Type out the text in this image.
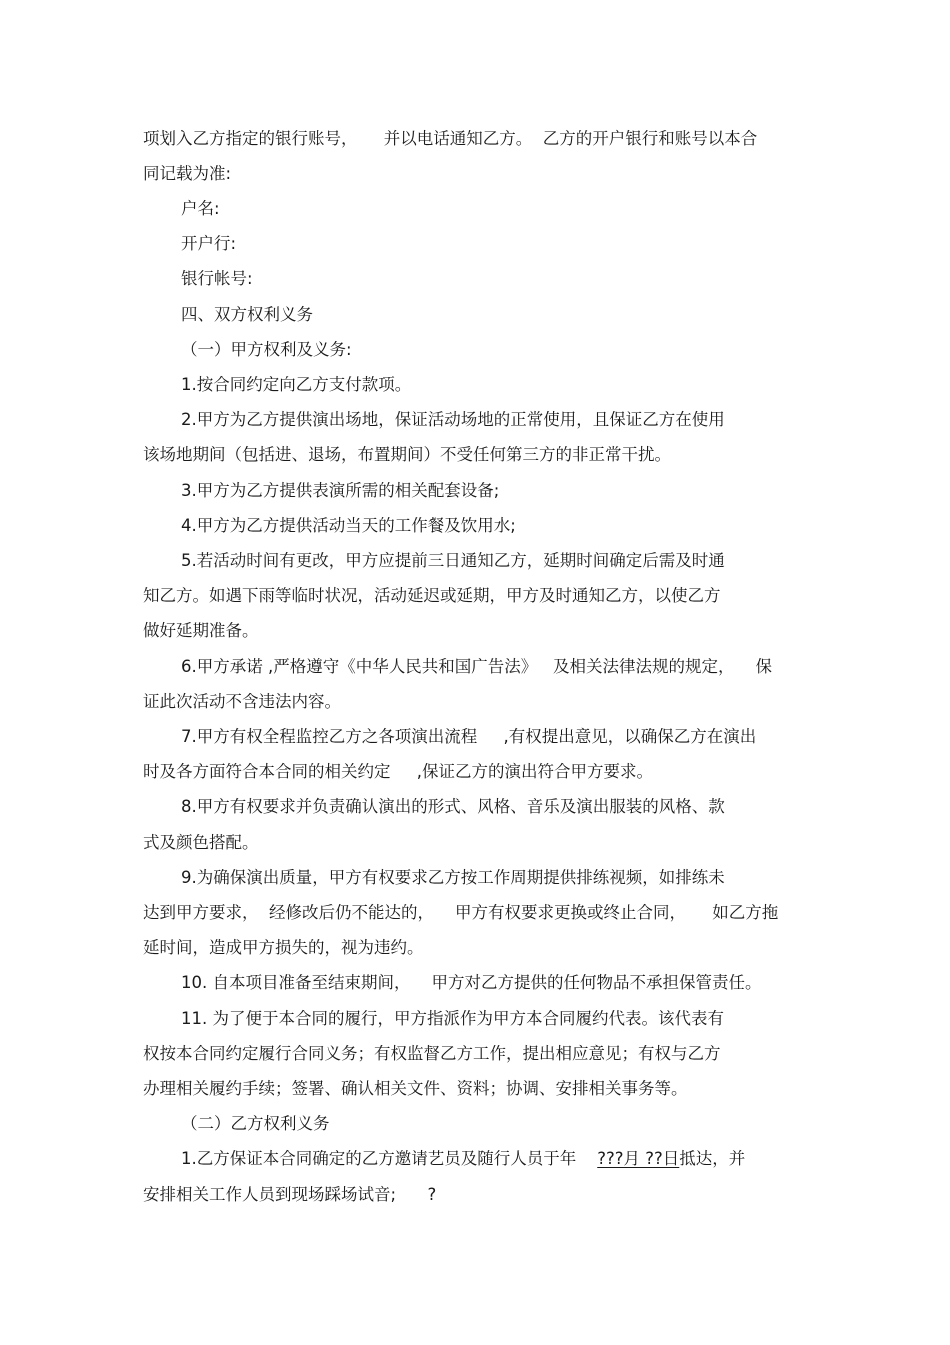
项划入乙方指定的银行账号，     并以电话通知乙方。  乙方的开户银行和账号以本合
同记载为准:
户名:
开户行:
银行帐号:
四、双方权利义务
（一）甲方权利及义务:
1.按合同约定向乙方支付款项。
2.甲方为乙方提供演出场地，保证活动场地的正常使用，且保证乙方在使用
该场地期间（包括进、退场，布置期间）不受任何第三方的非正常干扰。
3.甲方为乙方提供表演所需的相关配套设备;
4.甲方为乙方提供活动当天的工作餐及饮用水;
5.若活动时间有更改，甲方应提前三日通知乙方，延期时间确定后需及时通
知乙方。如遇下雨等临时状况，活动延迟或延期，甲方及时通知乙方，以使乙方
做好延期准备。
6.甲方承诺 ,严格遵守《中华人民共和国广告法》   及相关法律法规的规定，    保
证此次活动不含违法内容。
7.甲方有权全程监控乙方之各项演出流程     ,有权提出意见，以确保乙方在演出
时及各方面符合本合同的相关约定     ,保证乙方的演出符合甲方要求。
8.甲方有权要求并负责确认演出的形式、风格、音乐及演出服装的风格、款
式及颜色搭配。
9.为确保演出质量，甲方有权要求乙方按工作周期提供排练视频，如排练未
达到甲方要求，  经修改后仍不能达的，    甲方有权要求更换或终止合同，     如乙方拖
延时间，造成甲方损失的，视为违约。
10. 自本项目准备至结束期间，    甲方对乙方提供的任何物品不承担保管责任。
11. 为了便于本合同的履行，甲方指派作为甲方本合同履约代表。该代表有
权按本合同约定履行合同义务；有权监督乙方工作，提出相应意见；有权与乙方
办理相关履约手续；签署、确认相关文件、资料；协调、安排相关事务等。
（二）乙方权利义务
1.乙方保证本合同确定的乙方邀请艺员及随行人员于年    ???月 ??日抵达，并
安排相关工作人员到现场踩场试音;      ?
